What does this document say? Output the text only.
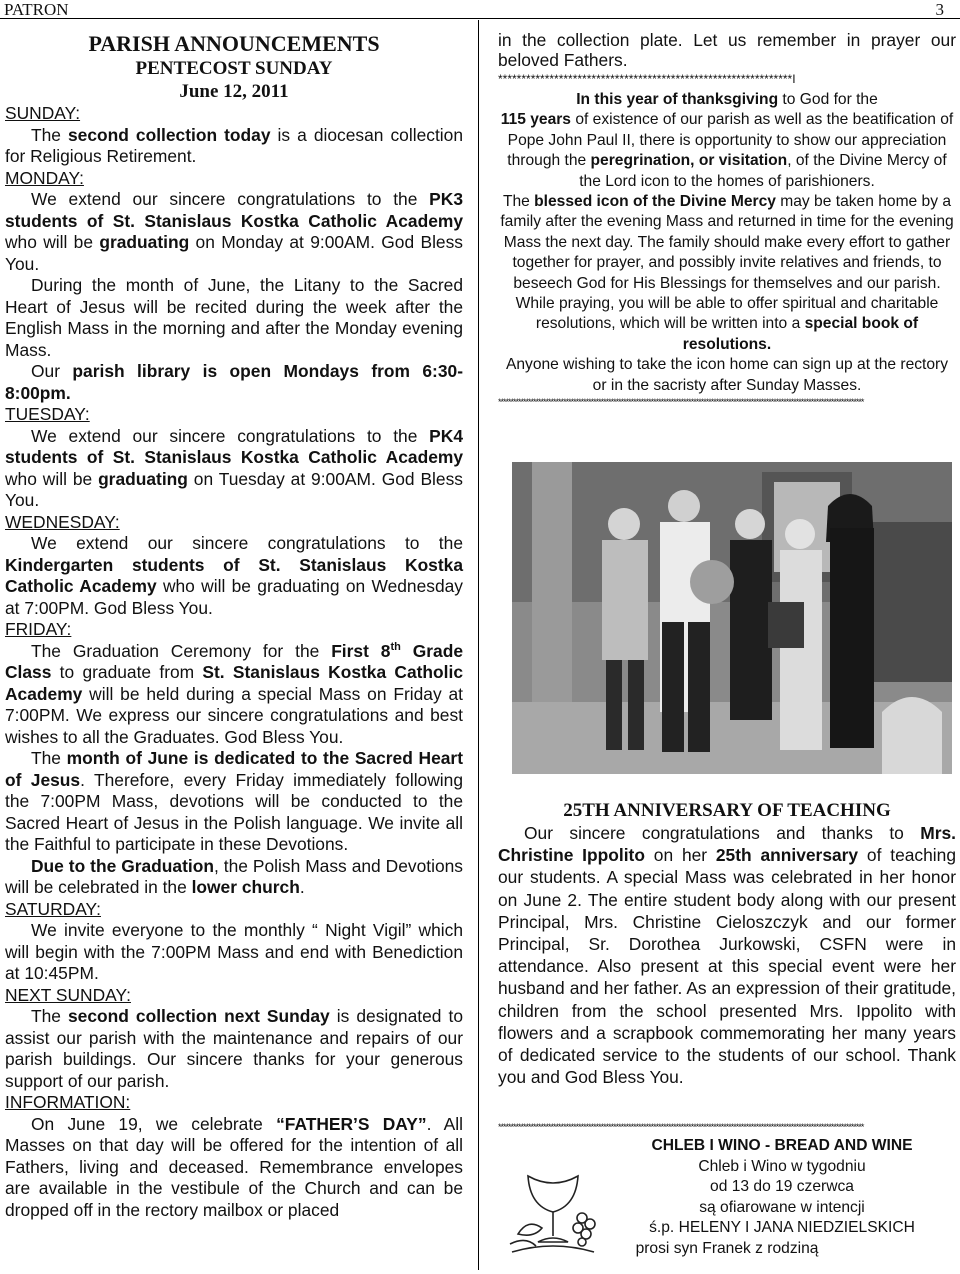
PATRON	3

PARISH ANNOUNCEMENTS

PENTECOST SUNDAY

June 12, 2011

SUNDAY:

The second collection today is a diocesan collection for Religious Retirement.

MONDAY:

We extend our sincere congratulations to the PK3 students of St. Stanislaus Kostka Catholic Academy who will be graduating on Monday at 9:00AM. God Bless You.

During the month of June, the Litany to the Sacred Heart of Jesus will be recited during the week after the English Mass in the morning and after the Monday evening Mass.

Our parish library is open Mondays from 6:30-8:00pm.

TUESDAY:

We extend our sincere congratulations to the PK4 students of St. Stanislaus Kostka Catholic Academy who will be graduating on Tuesday at 9:00AM. God Bless You.

WEDNESDAY:

We extend our sincere congratulations to the Kindergarten students of St. Stanislaus Kostka Catholic Academy who will be graduating on Wednesday at 7:00PM. God Bless You.

FRIDAY:

The Graduation Ceremony for the First 8th Grade Class to graduate from St. Stanislaus Kostka Catholic Academy will be held during a special Mass on Friday at 7:00PM. We express our sincere congratulations and best wishes to all the Graduates. God Bless You.

The month of June is dedicated to the Sacred Heart of Jesus. Therefore, every Friday immediately following the 7:00PM Mass, devotions will be conducted to the Sacred Heart of Jesus in the Polish language. We invite all the Faithful to participate in these Devotions.

Due to the Graduation, the Polish Mass and Devotions will be celebrated in the lower church.

SATURDAY:

We invite everyone to the monthly “ Night Vigil” which will begin with the 7:00PM Mass and end with Benediction at 10:45PM.

NEXT SUNDAY:

The second collection next Sunday is designated to assist our parish with the maintenance and repairs of our parish buildings. Our sincere thanks for your generous support of our parish.

INFORMATION:

On June 19, we celebrate “FATHER’S DAY”. All Masses on that day will be offered for the intention of all Fathers, living and deceased. Remembrance envelopes are available in the vestibule of the Church and can be dropped off in the rectory mailbox or placed

in the collection plate. Let us remember in prayer our beloved Fathers.

***************************************************************I

In this year of thanksgiving to God for the

115 years of existence of our parish as well as the beatification of Pope John Paul II, there is opportunity to show our appreciation through the peregrination, or visitation, of the Divine Mercy of the Lord icon to the homes of parishioners.

The blessed icon of the Divine Mercy may be taken home by a family after the evening Mass and returned in time for the evening Mass the next day. The family should make every effort to gather together for prayer, and possibly invite relatives and friends, to beseech God for His Blessings for themselves and our parish.

While praying, you will be able to offer spiritual and charitable resolutions, which will be written into a special book of resolutions.

Anyone wishing to take the icon home can sign up at the rectory or in the sacristy after Sunday Masses.

**************************************************************************************************************************************************

25TH ANNIVERSARY OF TEACHING

Our sincere congratulations and thanks to Mrs. Christine Ippolito on her 25th anniversary of teaching our students. A special Mass was celebrated in her honor on June 2. The entire student body along with our present Principal, Mrs. Christine Cieloszczyk and our former Principal, Sr. Dorothea Jurkowski, CSFN were in attendance. Also present at this special event were her husband and her father. As an expression of their gratitude, children from the school presented Mrs. Ippolito with flowers and a scrapbook commemorating her many years of dedicated service to the students of our school. Thank you and God Bless You.

**************************************************************************************************************************************************
CHLEB I WINO - BREAD AND WINE
Chleb i Wino w tygodniu
od 13 do 19 czerwca
są ofiarowane w intencji
ś.p. HELENY I JANA NIEDZIELSKICH
prosi syn Franek z rodziną
